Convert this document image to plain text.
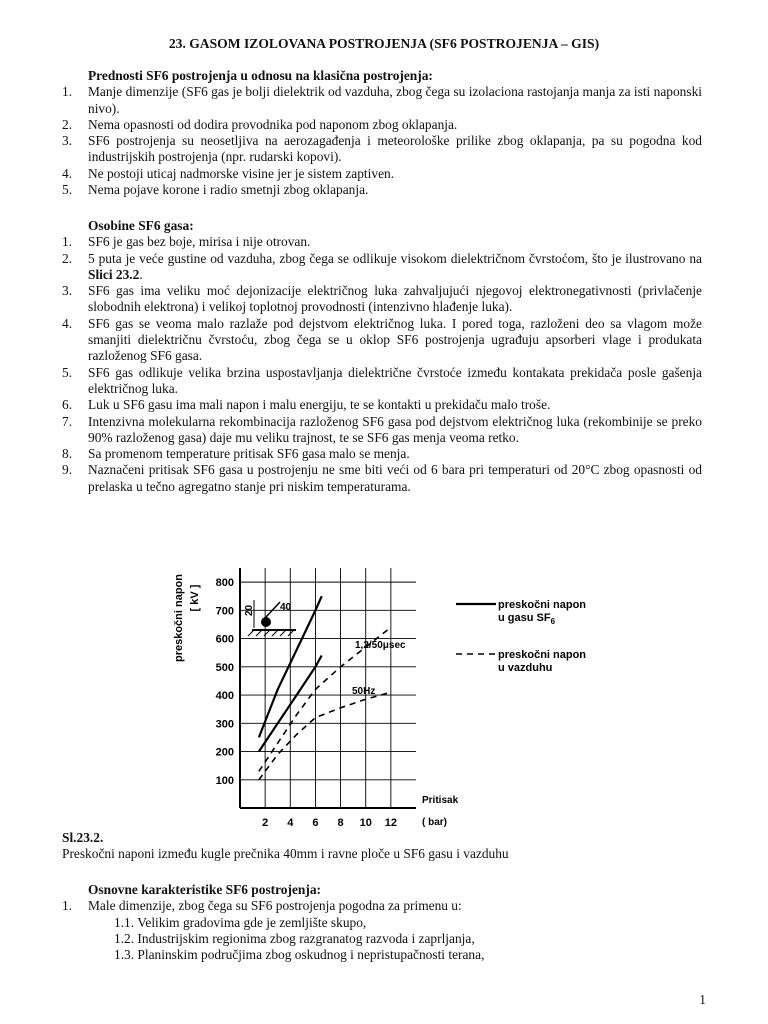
23. GASOM IZOLOVANA POSTROJENJA (SF6 POSTROJENJA – GIS)
Prednosti SF6 postrojenja u odnosu na klasična postrojenja:
1. Manje dimenzije (SF6 gas je bolji dielektrik od vazduha, zbog čega su izolaciona rastojanja manja za isti naponski nivo).
2. Nema opasnosti od dodira provodnika pod naponom zbog oklapanja.
3. SF6 postrojenja su neosetljiva na aerozagađenja i meteorološke prilike zbog oklapanja, pa su pogodna kod industrijskih postrojenja (npr. rudarski kopovi).
4. Ne postoji uticaj nadmorske visine jer je sistem zaptiven.
5. Nema pojave korone i radio smetnji zbog oklapanja.
Osobine SF6 gasa:
1. SF6 je gas bez boje, mirisa i nije otrovan.
2. 5 puta je veće gustine od vazduha, zbog čega se odlikuje visokom dielektričnom čvrstoćom, što je ilustrovano na Slici 23.2.
3. SF6 gas ima veliku moć dejonizacije električnog luka zahvaljujući njegovoj elektronegativnosti (privlačenje slobodnih elektrona) i velikoj toplotnoj provodnosti (intenzivno hlađenje luka).
4. SF6 gas se veoma malo razlaže pod dejstvom električnog luka. I pored toga, razloženi deo sa vlagom može smanjiti dielektričnu čvrstoću, zbog čega se u oklop SF6 postrojenja ugrađuju apsorberi vlage i produkata razloženog SF6 gasa.
5. SF6 gas odlikuje velika brzina uspostavljanja dielektrične čvrstoće između kontakata prekidača posle gašenja električnog luka.
6. Luk u SF6 gasu ima mali napon i malu energiju, te se kontakti u prekidaču malo troše.
7. Intenzivna molekularna rekombinacija razloženog SF6 gasa pod dejstvom električnog luka (rekombinije se preko 90% razloženog gasa) daje mu veliku trajnost, te se SF6 gas menja veoma retko.
8. Sa promenom temperature pritisak SF6 gasa malo se menja.
9. Naznačeni pritisak SF6 gasa u postrojenju ne sme biti veći od 6 bara pri temperaturi od 20°C zbog opasnosti od prelaska u tečno agregatno stanje pri niskim temperaturama.
preskočni napon [ kV ]
100
200
300
400
500
600
700
800
2 4 6 8 10 12
20	40
1,2/50μsec
50Hz
Pritisak
( bar)
preskočni napon
u gasu $SF_6$
preskočni napon
u vazduhu
Sl.23.2.
Preskočni naponi između kugle prečnika 40mm i ravne ploče u SF6 gasu i vazduhu
Osnovne karakteristike SF6 postrojenja:
1. Male dimenzije, zbog čega su SF6 postrojenja pogodna za primenu u:
1.1. Velikim gradovima gde je zemljište skupo,
1.2. Industrijskim regionima zbog razgranatog razvoda i zaprljanja,
1.3. Planinskim područjima zbog oskudnog i nepristupačnosti terana,
1
